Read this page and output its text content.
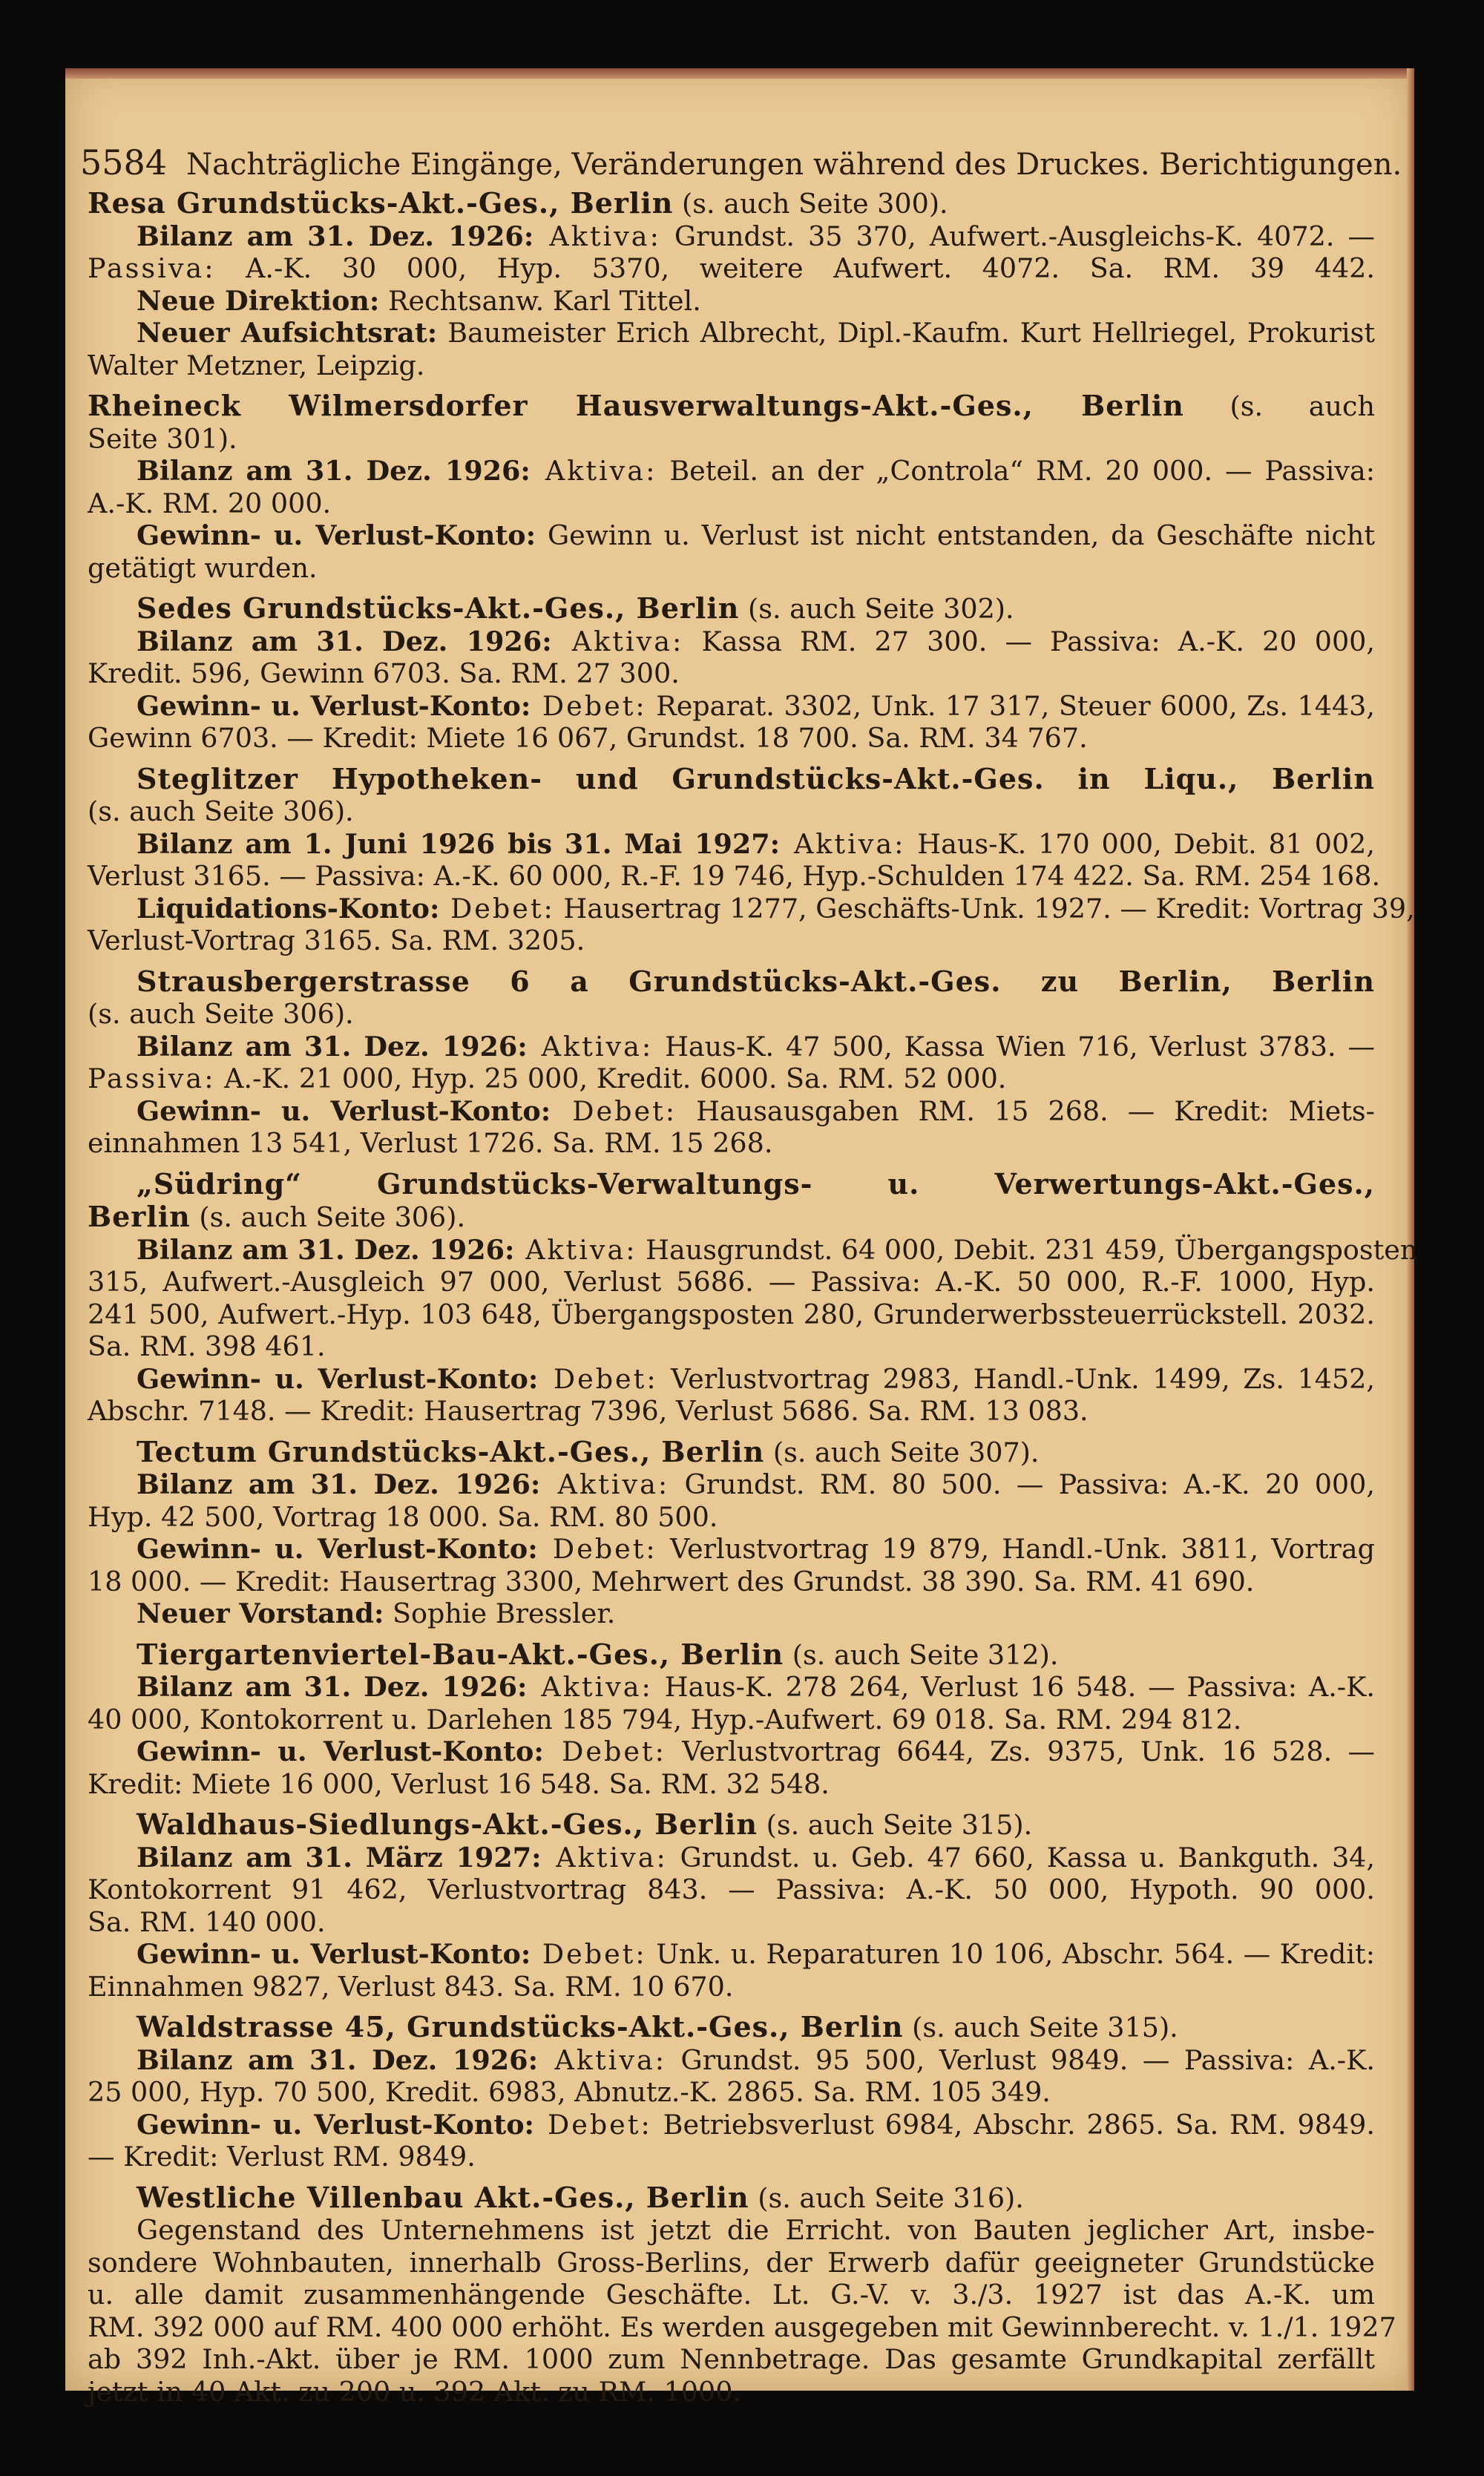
5584 Nachträgliche Eingänge, Veränderungen während des Druckes. Berichtigungen.

Resa Grundstücks-Akt.-Ges., Berlin (s. auch Seite 300).

Bilanz am 31. Dez. 1926: Aktiva: Grundst. 35 370, Aufwert.-Ausgleichs-K. 4072. —

Passiva: A.-K. 30 000, Hyp. 5370, weitere Aufwert. 4072. Sa. RM. 39 442.

Neue Direktion: Rechtsanw. Karl Tittel.

Neuer Aufsichtsrat: Baumeister Erich Albrecht, Dipl.-Kaufm. Kurt Hellriegel, Prokurist

Walter Metzner, Leipzig.

Rheineck Wilmersdorfer Hausverwaltungs-Akt.-Ges., Berlin (s. auch

Seite 301).

Bilanz am 31. Dez. 1926: Aktiva: Beteil. an der „Controla“ RM. 20 000. — Passiva:

A.-K. RM. 20 000.

Gewinn- u. Verlust-Konto: Gewinn u. Verlust ist nicht entstanden, da Geschäfte nicht

getätigt wurden.

Sedes Grundstücks-Akt.-Ges., Berlin (s. auch Seite 302).

Bilanz am 31. Dez. 1926: Aktiva: Kassa RM. 27 300. — Passiva: A.-K. 20 000,

Kredit. 596, Gewinn 6703. Sa. RM. 27 300.

Gewinn- u. Verlust-Konto: Debet: Reparat. 3302, Unk. 17 317, Steuer 6000, Zs. 1443,

Gewinn 6703. — Kredit: Miete 16 067, Grundst. 18 700. Sa. RM. 34 767.

Steglitzer Hypotheken- und Grundstücks-Akt.-Ges. in Liqu., Berlin

(s. auch Seite 306).

Bilanz am 1. Juni 1926 bis 31. Mai 1927: Aktiva: Haus-K. 170 000, Debit. 81 002,

Verlust 3165. — Passiva: A.-K. 60 000, R.-F. 19 746, Hyp.-Schulden 174 422. Sa. RM. 254 168.

Liquidations-Konto: Debet: Hausertrag 1277, Geschäfts-Unk. 1927. — Kredit: Vortrag 39,

Verlust-Vortrag 3165. Sa. RM. 3205.

Strausbergerstrasse 6 a Grundstücks-Akt.-Ges. zu Berlin, Berlin

(s. auch Seite 306).

Bilanz am 31. Dez. 1926: Aktiva: Haus-K. 47 500, Kassa Wien 716, Verlust 3783. —

Passiva: A.-K. 21 000, Hyp. 25 000, Kredit. 6000. Sa. RM. 52 000.

Gewinn- u. Verlust-Konto: Debet: Hausausgaben RM. 15 268. — Kredit: Miets-

einnahmen 13 541, Verlust 1726. Sa. RM. 15 268.

„Südring“ Grundstücks-Verwaltungs- u. Verwertungs-Akt.-Ges.,

Berlin (s. auch Seite 306).

Bilanz am 31. Dez. 1926: Aktiva: Hausgrundst. 64 000, Debit. 231 459, Übergangsposten

315, Aufwert.-Ausgleich 97 000, Verlust 5686. — Passiva: A.-K. 50 000, R.-F. 1000, Hyp.

241 500, Aufwert.-Hyp. 103 648, Übergangsposten 280, Grunderwerbssteuerrückstell. 2032.

Sa. RM. 398 461.

Gewinn- u. Verlust-Konto: Debet: Verlustvortrag 2983, Handl.-Unk. 1499, Zs. 1452,

Abschr. 7148. — Kredit: Hausertrag 7396, Verlust 5686. Sa. RM. 13 083.

Tectum Grundstücks-Akt.-Ges., Berlin (s. auch Seite 307).

Bilanz am 31. Dez. 1926: Aktiva: Grundst. RM. 80 500. — Passiva: A.-K. 20 000,

Hyp. 42 500, Vortrag 18 000. Sa. RM. 80 500.

Gewinn- u. Verlust-Konto: Debet: Verlustvortrag 19 879, Handl.-Unk. 3811, Vortrag

18 000. — Kredit: Hausertrag 3300, Mehrwert des Grundst. 38 390. Sa. RM. 41 690.

Neuer Vorstand: Sophie Bressler.

Tiergartenviertel-Bau-Akt.-Ges., Berlin (s. auch Seite 312).

Bilanz am 31. Dez. 1926: Aktiva: Haus-K. 278 264, Verlust 16 548. — Passiva: A.-K.

40 000, Kontokorrent u. Darlehen 185 794, Hyp.-Aufwert. 69 018. Sa. RM. 294 812.

Gewinn- u. Verlust-Konto: Debet: Verlustvortrag 6644, Zs. 9375, Unk. 16 528. —

Kredit: Miete 16 000, Verlust 16 548. Sa. RM. 32 548.

Waldhaus-Siedlungs-Akt.-Ges., Berlin (s. auch Seite 315).

Bilanz am 31. März 1927: Aktiva: Grundst. u. Geb. 47 660, Kassa u. Bankguth. 34,

Kontokorrent 91 462, Verlustvortrag 843. — Passiva: A.-K. 50 000, Hypoth. 90 000.

Sa. RM. 140 000.

Gewinn- u. Verlust-Konto: Debet: Unk. u. Reparaturen 10 106, Abschr. 564. — Kredit:

Einnahmen 9827, Verlust 843. Sa. RM. 10 670.

Waldstrasse 45, Grundstücks-Akt.-Ges., Berlin (s. auch Seite 315).

Bilanz am 31. Dez. 1926: Aktiva: Grundst. 95 500, Verlust 9849. — Passiva: A.-K.

25 000, Hyp. 70 500, Kredit. 6983, Abnutz.-K. 2865. Sa. RM. 105 349.

Gewinn- u. Verlust-Konto: Debet: Betriebsverlust 6984, Abschr. 2865. Sa. RM. 9849.

— Kredit: Verlust RM. 9849.

Westliche Villenbau Akt.-Ges., Berlin (s. auch Seite 316).

Gegenstand des Unternehmens ist jetzt die Erricht. von Bauten jeglicher Art, insbe-

sondere Wohnbauten, innerhalb Gross-Berlins, der Erwerb dafür geeigneter Grundstücke

u. alle damit zusammenhängende Geschäfte. Lt. G.-V. v. 3./3. 1927 ist das A.-K. um

RM. 392 000 auf RM. 400 000 erhöht. Es werden ausgegeben mit Gewinnberecht. v. 1./1. 1927

ab 392 Inh.-Akt. über je RM. 1000 zum Nennbetrage. Das gesamte Grundkapital zerfällt

jetzt in 40 Akt. zu 200 u. 392 Akt. zu RM. 1000.
